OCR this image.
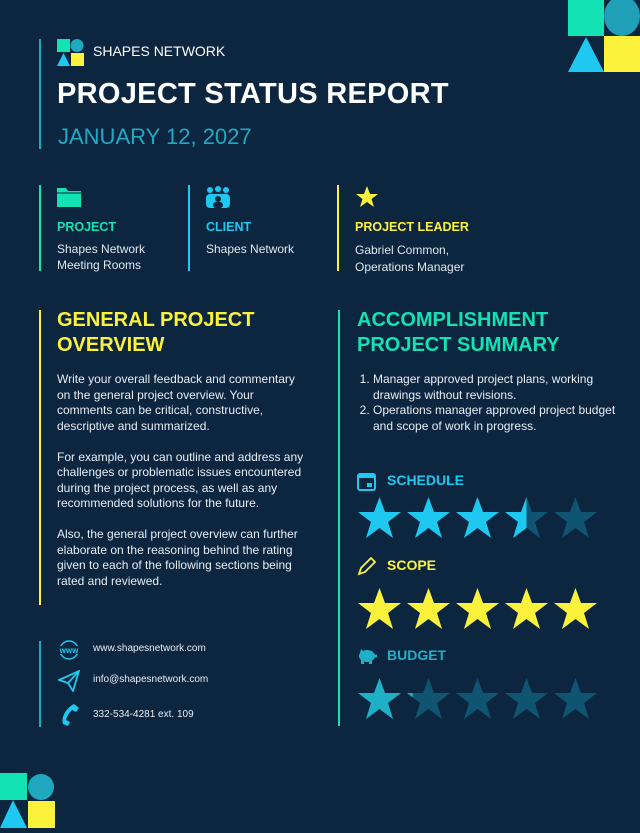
SHAPES NETWORK
PROJECT STATUS REPORT
JANUARY 12, 2027
PROJECT
Shapes Network
Meeting Rooms
CLIENT
Shapes Network
PROJECT LEADER
Gabriel Common,
Operations Manager
GENERAL PROJECT
OVERVIEW

Write your overall feedback and commentary on the general project overview. Your comments can be critical, constructive, descriptive and summarized.

For example, you can outline and address any challenges or problematic issues encountered during the project process, as well as any recommended solutions for the future.

Also, the general project overview can further elaborate on the reasoning behind the rating given to each of the following sections being rated and reviewed.

ACCOMPLISHMENT
PROJECT SUMMARY
1. Manager approved project plans, working drawings without revisions.
2. Operations manager approved project budget and scope of work in progress.
SCHEDULE
SCOPE
BUDGET
www www.shapesnetwork.com
info@shapesnetwork.com
332-534-4281 ext. 109
